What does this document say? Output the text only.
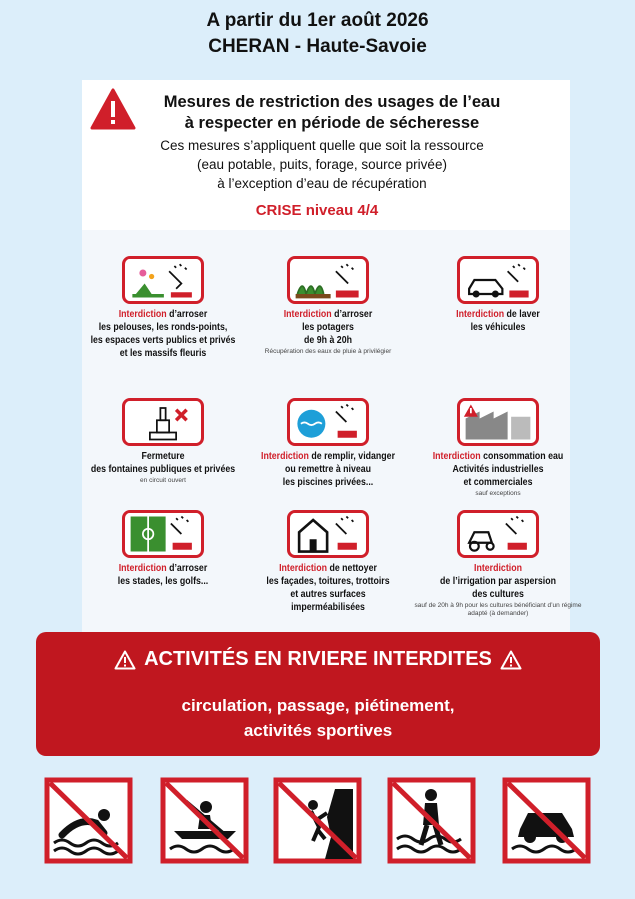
A partir du 1er août 2026
CHERAN - Haute-Savoie
Mesures de restriction des usages de l’eau
à respecter en période de sécheresse
Ces mesures s’appliquent quelle que soit la ressource
(eau potable, puits, forage, source privée)
à l’exception d’eau de récupération
CRISE niveau 4/4
Interdiction d’arroser
les pelouses, les ronds-points,
les espaces verts publics et privés
et les massifs fleuris
Interdiction d’arroser
les potagers
de 9h à 20h
Récupération des eaux de pluie à privilégier
Interdiction de laver
les véhicules
Fermeture
des fontaines publiques et privées
en circuit ouvert
Interdiction de remplir, vidanger
ou remettre à niveau
les piscines privées...
Interdiction consommation eau
Activités industrielles
et commerciales
sauf exceptions
Interdiction d’arroser
les stades, les golfs...
Interdiction de nettoyer
les façades, toitures, trottoirs
et autres surfaces imperméabilisées
Interdiction
de l’irrigation par aspersion
des cultures
sauf de 20h à 9h pour les cultures bénéficiant d’un régime adapté (à demander)
ACTIVITÉS EN RIVIERE INTERDITES
circulation, passage, piétinement,
activités sportives
